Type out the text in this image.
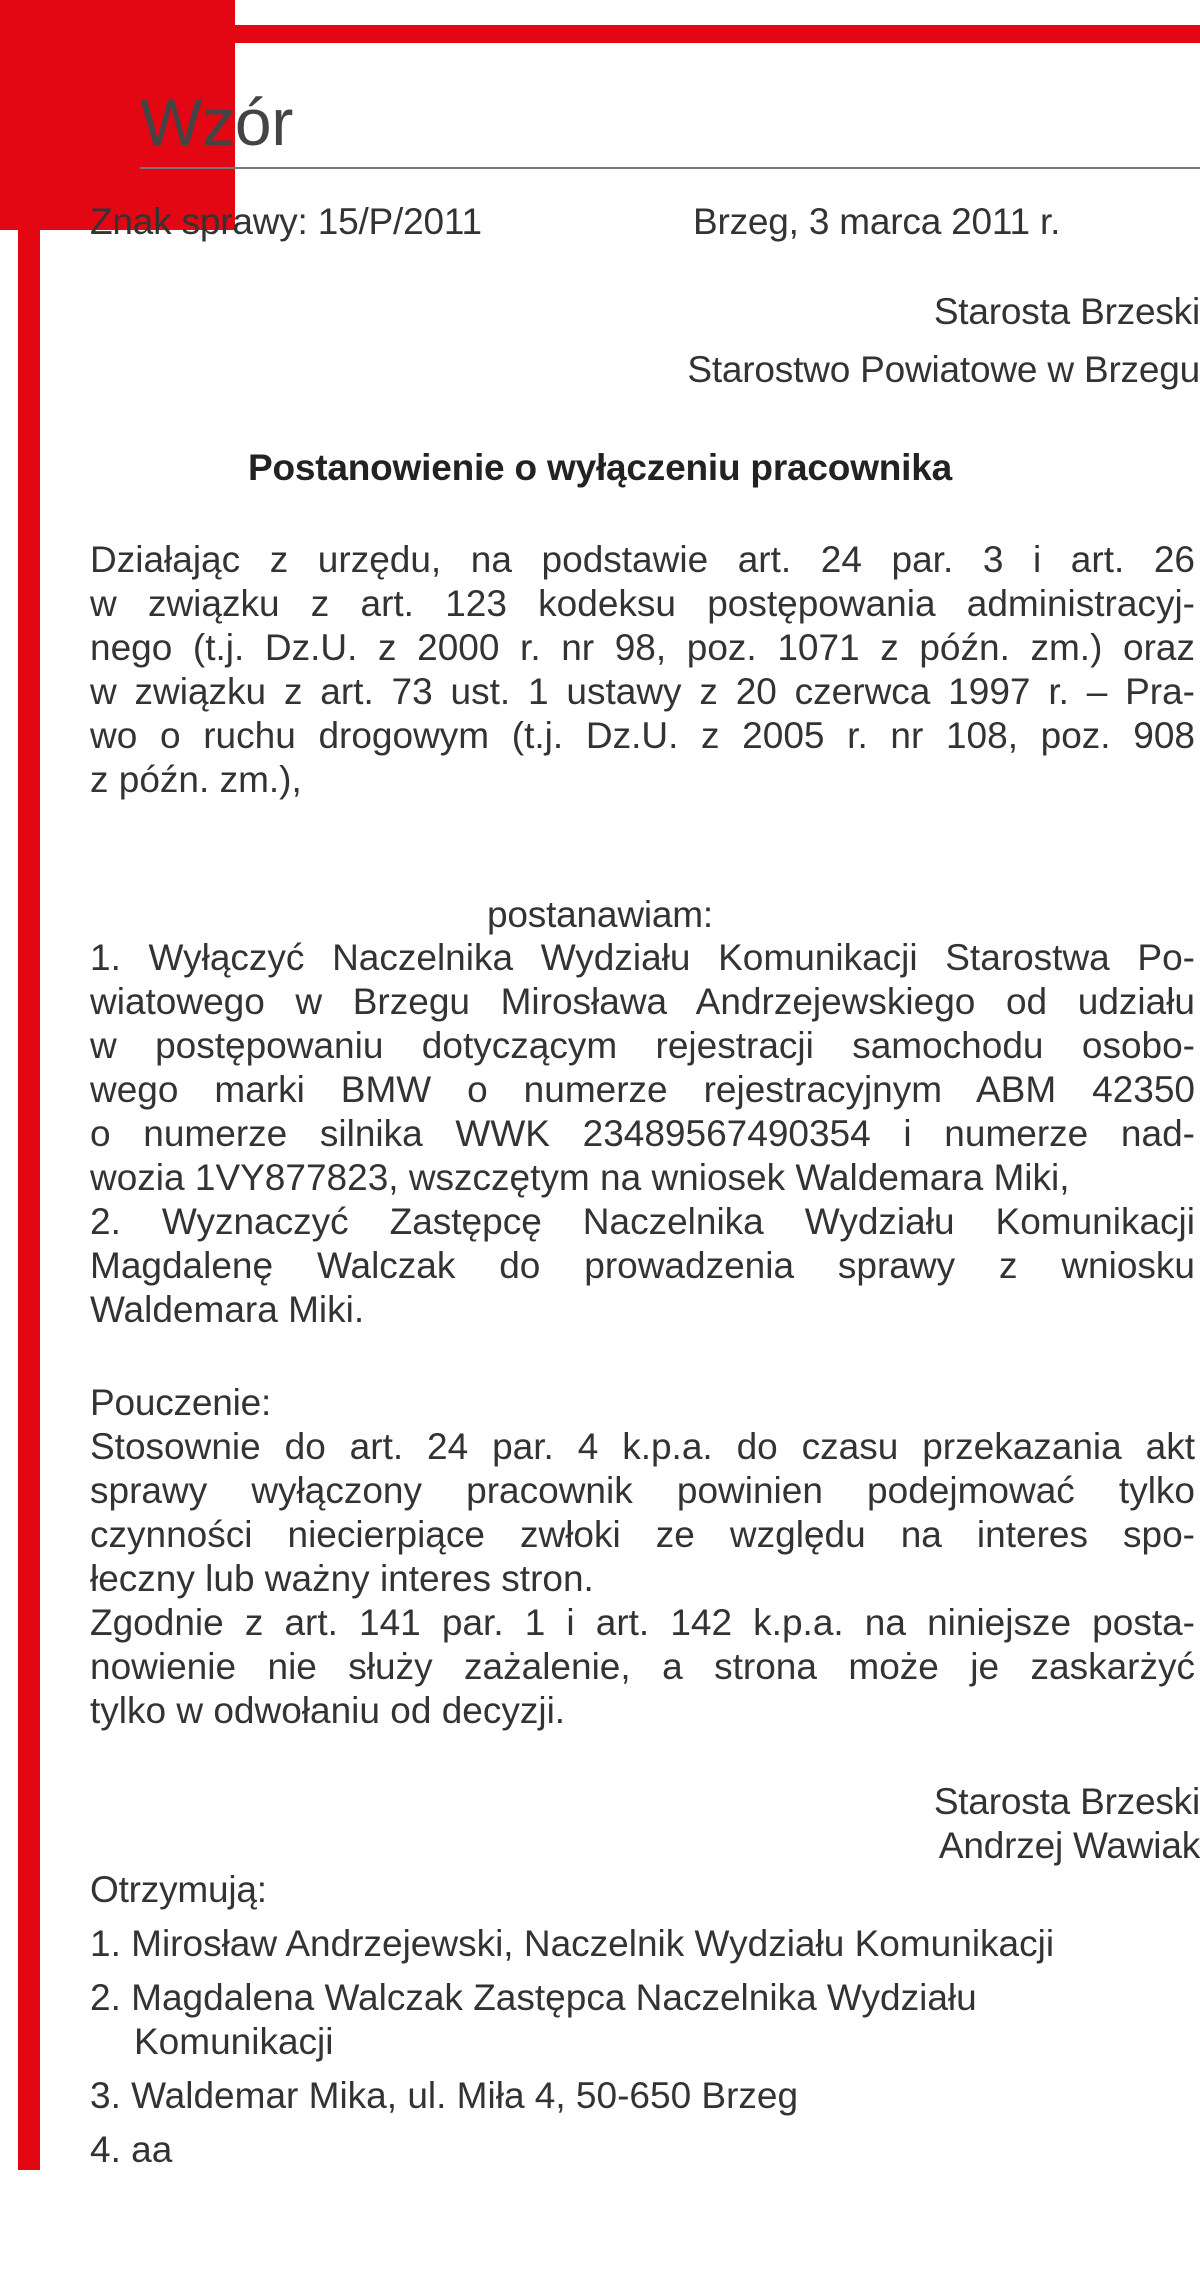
Wzór
Znak sprawy: 15/P/2011	Brzeg, 3 marca 2011 r.
Starosta Brzeski
Starostwo Powiatowe w Brzegu
Postanowienie o wyłączeniu pracownika
Działając z urzędu, na podstawie art. 24 par. 3 i art. 26
w związku z art. 123 kodeksu postępowania administracyj-
nego (t.j. Dz.U. z 2000 r. nr 98, poz. 1071 z późn. zm.) oraz
w związku z art. 73 ust. 1 ustawy z 20 czerwca 1997 r. – Pra-
wo o ruchu drogowym (t.j. Dz.U. z 2005 r. nr 108, poz. 908
z późn. zm.),
postanawiam:
1. Wyłączyć Naczelnika Wydziału Komunikacji Starostwa Po-
wiatowego w Brzegu Mirosława Andrzejewskiego od udziału
w postępowaniu dotyczącym rejestracji samochodu osobo-
wego marki BMW o numerze rejestracyjnym ABM 42350
o numerze silnika WWK 23489567490354 i numerze nad-
wozia 1VY877823, wszczętym na wniosek Waldemara Miki,
2. Wyznaczyć Zastępcę Naczelnika Wydziału Komunikacji
Magdalenę Walczak do prowadzenia sprawy z wniosku
Waldemara Miki.
Pouczenie:
Stosownie do art. 24 par. 4 k.p.a. do czasu przekazania akt
sprawy wyłączony pracownik powinien podejmować tylko
czynności niecierpiące zwłoki ze względu na interes spo-
łeczny lub ważny interes stron.
Zgodnie z art. 141 par. 1 i art. 142 k.p.a. na niniejsze posta-
nowienie nie służy zażalenie, a strona może je zaskarżyć
tylko w odwołaniu od decyzji.
Starosta Brzeski
Andrzej Wawiak
Otrzymują:
1. Mirosław Andrzejewski, Naczelnik Wydziału Komunikacji
2. Magdalena Walczak Zastępca Naczelnika Wydziału
Komunikacji
3. Waldemar Mika, ul. Miła 4, 50-650 Brzeg
4. aa
